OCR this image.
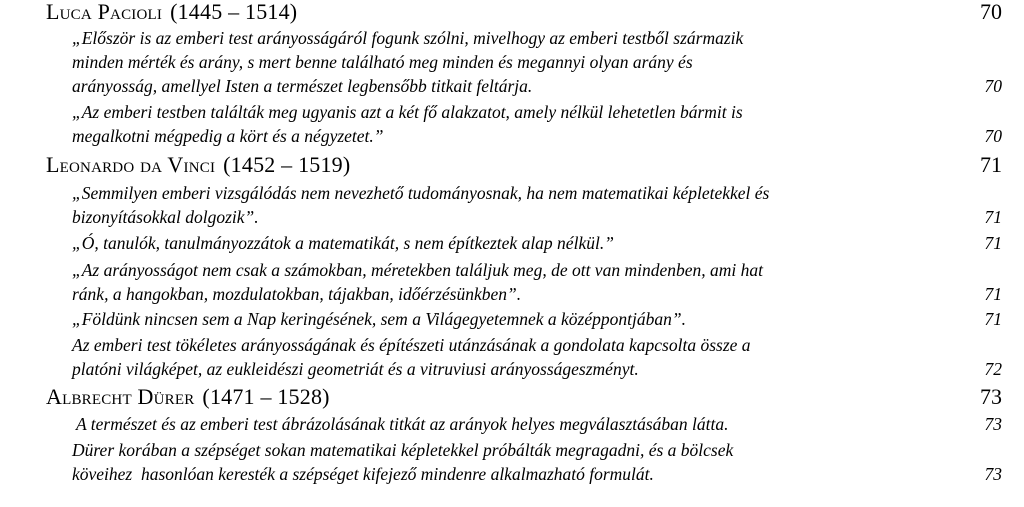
Luca Pacioli (1445 – 1514)	70
„Először is az emberi test arányosságáról fogunk szólni, mivelhogy az emberi testből származik
minden mérték és arány, s mert benne található meg minden és megannyi olyan arány és
arányosság, amellyel Isten a természet legbensőbb titkait feltárja.	70
„Az emberi testben találták meg ugyanis azt a két fő alakzatot, amely nélkül lehetetlen bármit is
megalkotni mégpedig a kört és a négyzetet.”	70
Leonardo da Vinci (1452 – 1519)	71
„Semmilyen emberi vizsgálódás nem nevezhető tudományosnak, ha nem matematikai képletekkel és
bizonyításokkal dolgozik”.	71
„Ó, tanulók, tanulmányozzátok a matematikát, s nem építkeztek alap nélkül.”	71
„Az arányosságot nem csak a számokban, méretekben találjuk meg, de ott van mindenben, ami hat
ránk, a hangokban, mozdulatokban, tájakban, időérzésünkben”.	71
„Földünk nincsen sem a Nap keringésének, sem a Világegyetemnek a középpontjában”.	71
Az emberi test tökéletes arányosságának és építészeti utánzásának a gondolata kapcsolta össze a
platóni világképet, az eukleidészi geometriát és a vitruviusi arányosságeszményt.	72
Albrecht Dürer (1471 – 1528)	73
A természet és az emberi test ábrázolásának titkát az arányok helyes megválasztásában látta.	73
Dürer korában a szépséget sokan matematikai képletekkel próbálták megragadni, és a bölcsek
köveihez  hasonlóan keresték a szépséget kifejező mindenre alkalmazható formulát.	73
